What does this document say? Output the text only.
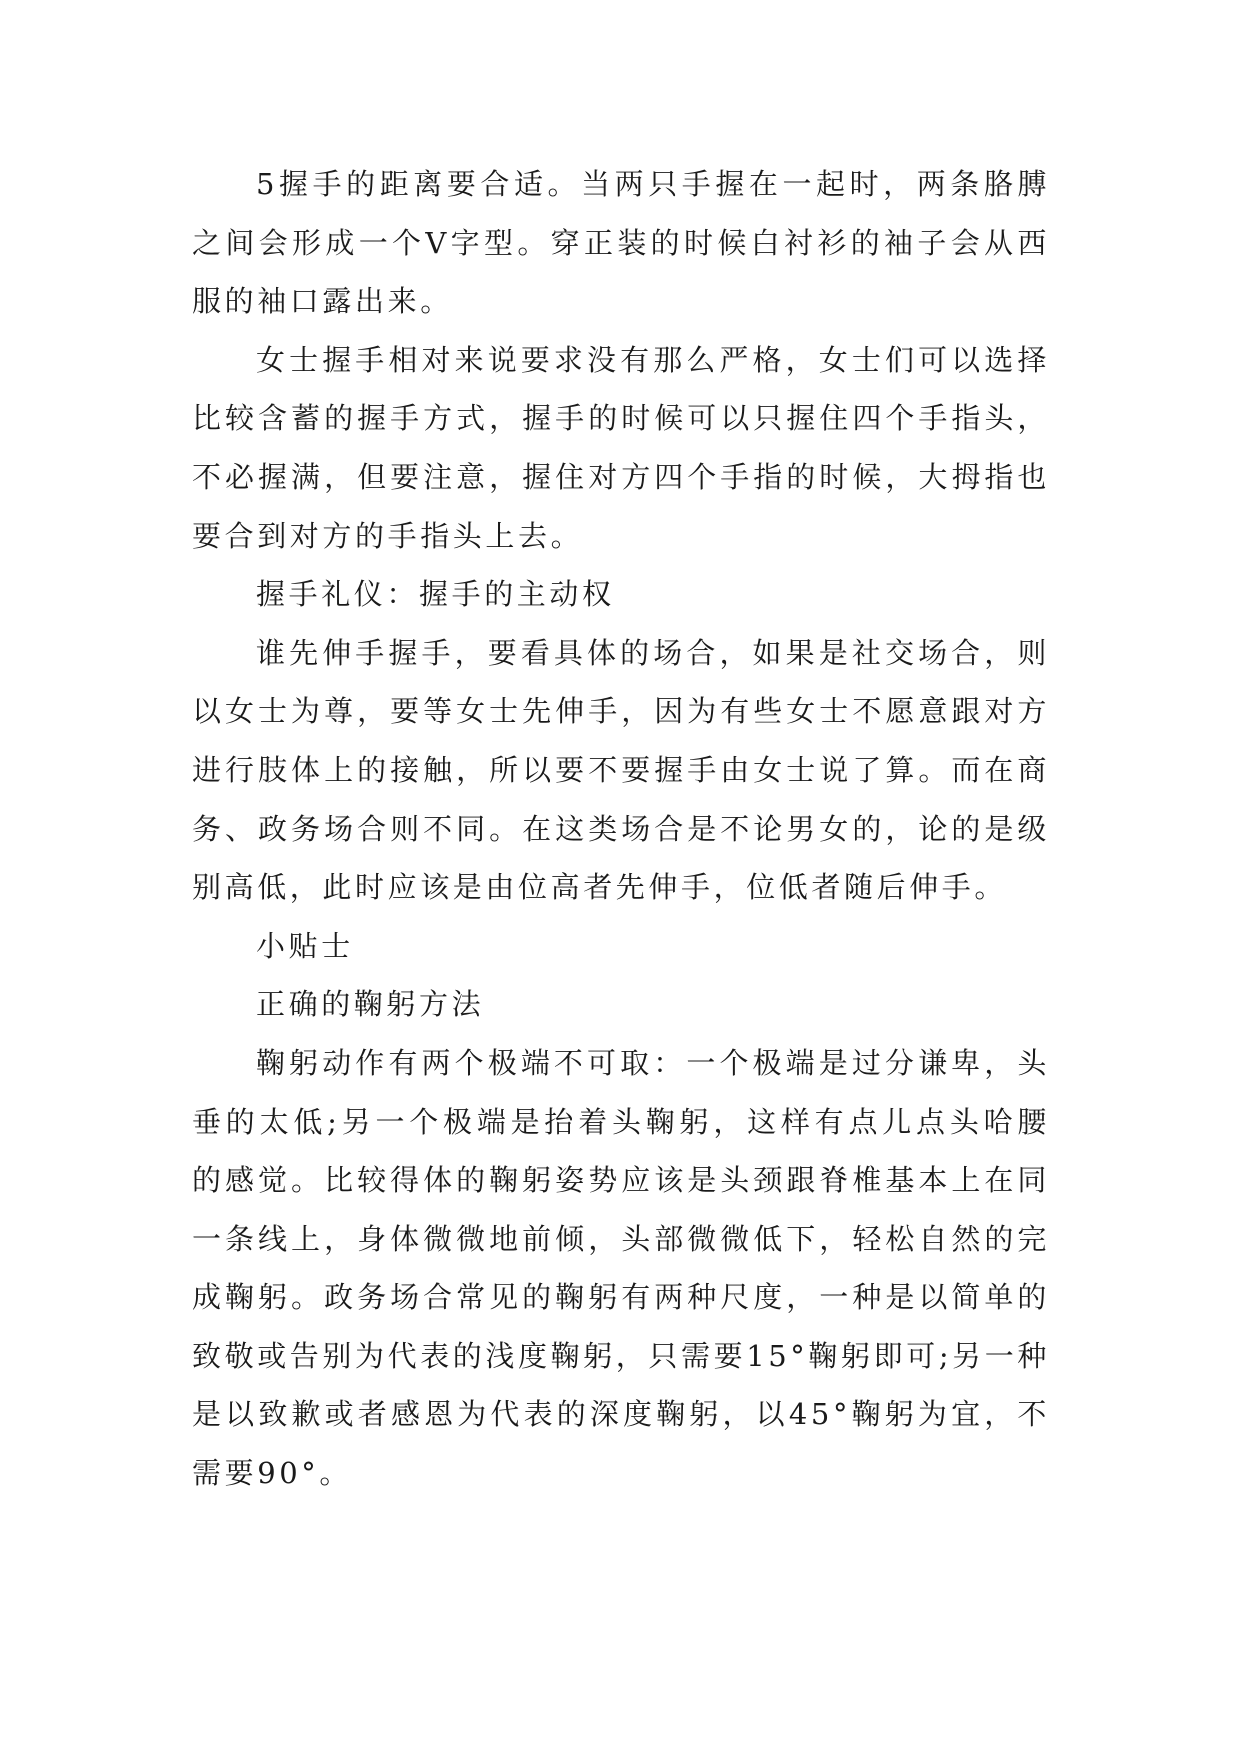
5握手的距离要合适。当两只手握在一起时，两条胳膊之间会形成一个V字型。穿正装的时候白衬衫的袖子会从西服的袖口露出来。

女士握手相对来说要求没有那么严格，女士们可以选择比较含蓄的握手方式，握手的时候可以只握住四个手指头，不必握满，但要注意，握住对方四个手指的时候，大拇指也要合到对方的手指头上去。

握手礼仪：握手的主动权

谁先伸手握手，要看具体的场合，如果是社交场合，则以女士为尊，要等女士先伸手，因为有些女士不愿意跟对方进行肢体上的接触，所以要不要握手由女士说了算。而在商务、政务场合则不同。在这类场合是不论男女的，论的是级别高低，此时应该是由位高者先伸手，位低者随后伸手。

小贴士

正确的鞠躬方法

鞠躬动作有两个极端不可取：一个极端是过分谦卑，头垂的太低;另一个极端是抬着头鞠躬，这样有点儿点头哈腰的感觉。比较得体的鞠躬姿势应该是头颈跟脊椎基本上在同一条线上，身体微微地前倾，头部微微低下，轻松自然的完成鞠躬。政务场合常见的鞠躬有两种尺度，一种是以简单的致敬或告别为代表的浅度鞠躬，只需要15°鞠躬即可;另一种是以致歉或者感恩为代表的深度鞠躬，以45°鞠躬为宜，不需要90°。
